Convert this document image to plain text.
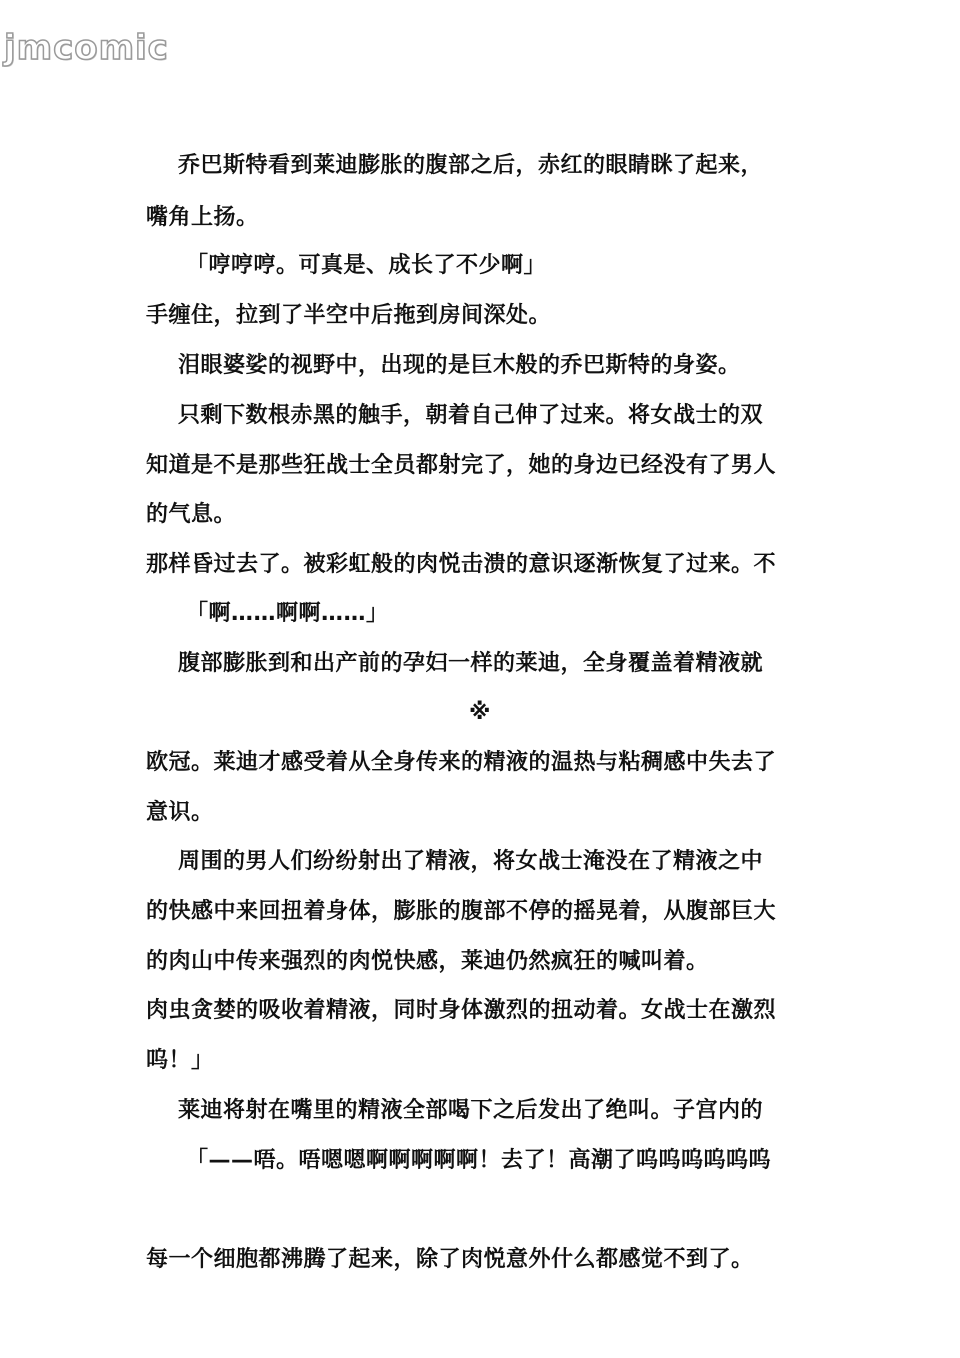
jmcomic

乔巴斯特看到莱迪膨胀的腹部之后，赤红的眼睛眯了起来，
嘴角上扬。
「哼哼哼。可真是、成长了不少啊」
手缠住，拉到了半空中后拖到房间深处。
泪眼婆娑的视野中，出现的是巨木般的乔巴斯特的身姿。
只剩下数根赤黑的触手，朝着自己伸了过来。将女战士的双
知道是不是那些狂战士全员都射完了，她的身边已经没有了男人
的气息。
那样昏过去了。被彩虹般的肉悦击溃的意识逐渐恢复了过来。不
「啊……啊啊……」
腹部膨胀到和出产前的孕妇一样的莱迪，全身覆盖着精液就
※
欧冠。莱迪才感受着从全身传来的精液的温热与粘稠感中失去了
意识。
周围的男人们纷纷射出了精液，将女战士淹没在了精液之中
的快感中来回扭着身体，膨胀的腹部不停的摇晃着，从腹部巨大
的肉山中传来强烈的肉悦快感，莱迪仍然疯狂的喊叫着。
肉虫贪婪的吸收着精液，同时身体激烈的扭动着。女战士在激烈
呜！」
莱迪将射在嘴里的精液全部喝下之后发出了绝叫。子宫内的
「——唔。唔嗯嗯啊啊啊啊啊！去了！高潮了呜呜呜呜呜呜

每一个细胞都沸腾了起来，除了肉悦意外什么都感觉不到了。
